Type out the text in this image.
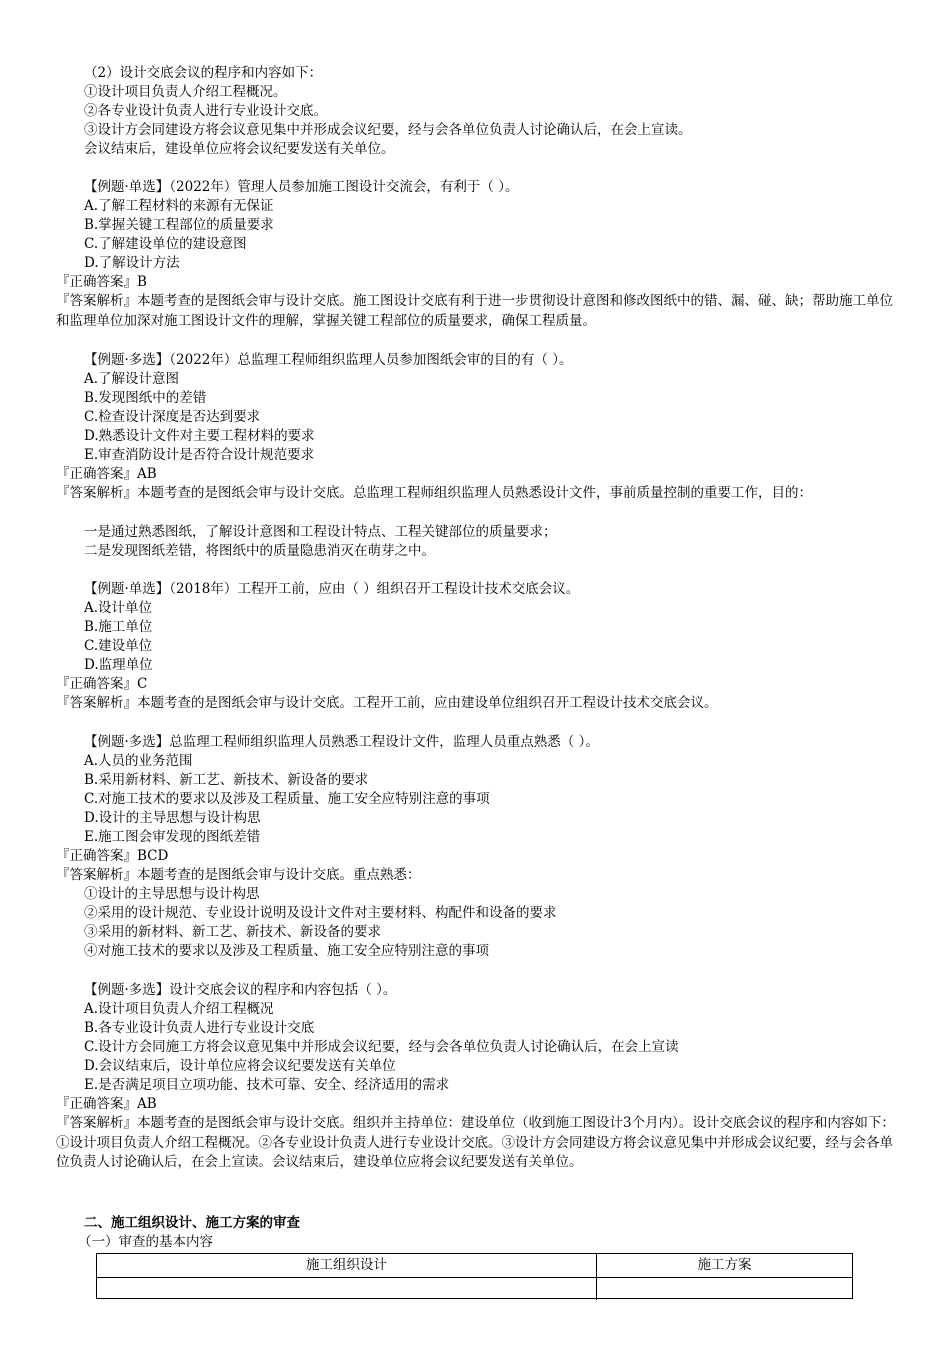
（2）设计交底会议的程序和内容如下：
①设计项目负责人介绍工程概况。
②各专业设计负责人进行专业设计交底。
③设计方会同建设方将会议意见集中并形成会议纪要，经与会各单位负责人讨论确认后，在会上宣读。
会议结束后，建设单位应将会议纪要发送有关单位。
【例题·单选】（2022年）管理人员参加施工图设计交流会，有利于（ ）。
A.了解工程材料的来源有无保证
B.掌握关键工程部位的质量要求
C.了解建设单位的建设意图
D.了解设计方法
『正确答案』B
『答案解析』本题考查的是图纸会审与设计交底。施工图设计交底有利于进一步贯彻设计意图和修改图纸中的错、漏、碰、缺；帮助施工单位和监理单位加深对施工图设计文件的理解，掌握关键工程部位的质量要求，确保工程质量。
【例题·多选】（2022年）总监理工程师组织监理人员参加图纸会审的目的有（ ）。
A.了解设计意图
B.发现图纸中的差错
C.检查设计深度是否达到要求
D.熟悉设计文件对主要工程材料的要求
E.审查消防设计是否符合设计规范要求
『正确答案』AB
『答案解析』本题考查的是图纸会审与设计交底。总监理工程师组织监理人员熟悉设计文件，事前质量控制的重要工作，目的：
一是通过熟悉图纸，了解设计意图和工程设计特点、工程关键部位的质量要求；
二是发现图纸差错，将图纸中的质量隐患消灭在萌芽之中。
【例题·单选】（2018年）工程开工前，应由（ ）组织召开工程设计技术交底会议。
A.设计单位
B.施工单位
C.建设单位
D.监理单位
『正确答案』C
『答案解析』本题考查的是图纸会审与设计交底。工程开工前，应由建设单位组织召开工程设计技术交底会议。
【例题·多选】总监理工程师组织监理人员熟悉工程设计文件，监理人员重点熟悉（ ）。
A.人员的业务范围
B.采用新材料、新工艺、新技术、新设备的要求
C.对施工技术的要求以及涉及工程质量、施工安全应特别注意的事项
D.设计的主导思想与设计构思
E.施工图会审发现的图纸差错
『正确答案』BCD
『答案解析』本题考查的是图纸会审与设计交底。重点熟悉：
①设计的主导思想与设计构思
②采用的设计规范、专业设计说明及设计文件对主要材料、构配件和设备的要求
③采用的新材料、新工艺、新技术、新设备的要求
④对施工技术的要求以及涉及工程质量、施工安全应特别注意的事项
【例题·多选】设计交底会议的程序和内容包括（ ）。
A.设计项目负责人介绍工程概况
B.各专业设计负责人进行专业设计交底
C.设计方会同施工方将会议意见集中并形成会议纪要，经与会各单位负责人讨论确认后，在会上宣读
D.会议结束后，设计单位应将会议纪要发送有关单位
E.是否满足项目立项功能、技术可靠、安全、经济适用的需求
『正确答案』AB
『答案解析』本题考查的是图纸会审与设计交底。组织并主持单位：建设单位（收到施工图设计3个月内）。设计交底会议的程序和内容如下：①设计项目负责人介绍工程概况。②各专业设计负责人进行专业设计交底。③设计方会同建设方将会议意见集中并形成会议纪要，经与会各单位负责人讨论确认后，在会上宣读。会议结束后，建设单位应将会议纪要发送有关单位。
二、施工组织设计、施工方案的审查
（一）审查的基本内容
施工组织设计	施工方案
